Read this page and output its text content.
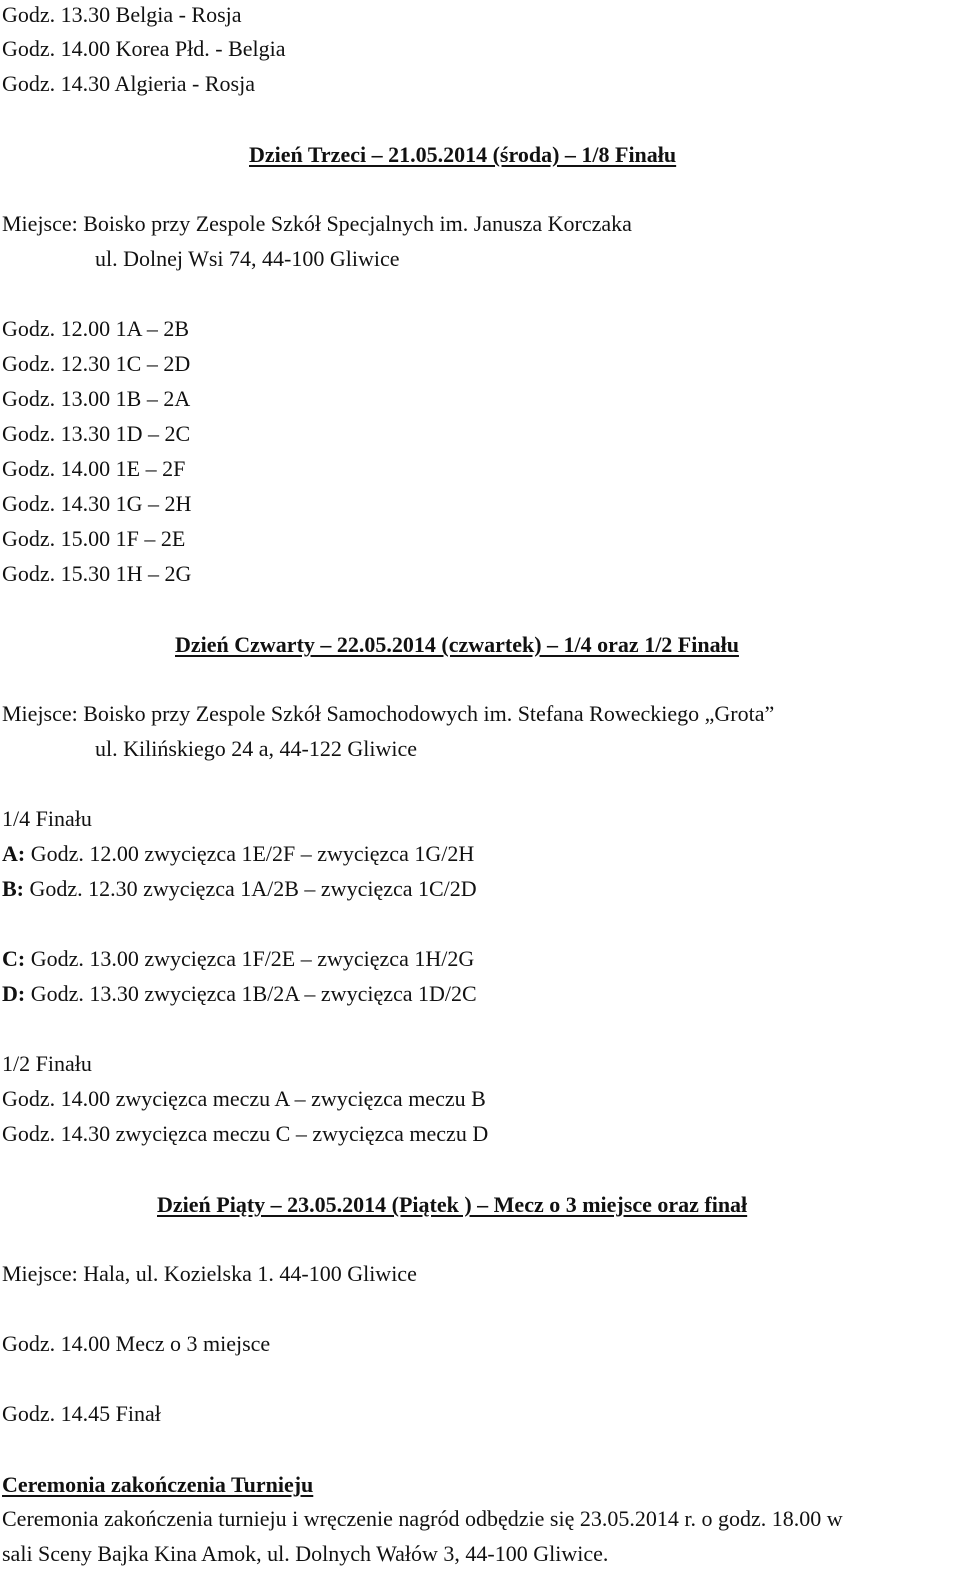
Godz. 13.30 Belgia - Rosja
Godz. 14.00 Korea Płd. - Belgia
Godz. 14.30 Algieria - Rosja
Dzień Trzeci – 21.05.2014 (środa) – 1/8 Finału
Miejsce: Boisko przy Zespole Szkół Specjalnych im. Janusza Korczaka
ul. Dolnej Wsi 74, 44-100 Gliwice
Godz. 12.00 1A – 2B
Godz. 12.30 1C – 2D
Godz. 13.00 1B – 2A
Godz. 13.30 1D – 2C
Godz. 14.00 1E – 2F
Godz. 14.30 1G – 2H
Godz. 15.00 1F – 2E
Godz. 15.30 1H – 2G
Dzień Czwarty – 22.05.2014 (czwartek) – 1/4 oraz 1/2 Finału
Miejsce: Boisko przy Zespole Szkół Samochodowych im. Stefana Roweckiego „Grota”
ul. Kilińskiego 24 a, 44-122 Gliwice
1/4 Finału
A: Godz. 12.00 zwycięzca 1E/2F – zwycięzca 1G/2H
B: Godz. 12.30 zwycięzca 1A/2B – zwycięzca 1C/2D
C: Godz. 13.00 zwycięzca 1F/2E – zwycięzca 1H/2G
D: Godz. 13.30 zwycięzca 1B/2A – zwycięzca 1D/2C
1/2 Finału
Godz. 14.00 zwycięzca meczu A – zwycięzca meczu B
Godz. 14.30 zwycięzca meczu C – zwycięzca meczu D
Dzień Piąty – 23.05.2014 (Piątek ) – Mecz o 3 miejsce oraz finał
Miejsce: Hala, ul. Kozielska 1. 44-100 Gliwice
Godz. 14.00 Mecz o 3 miejsce
Godz. 14.45 Finał
Ceremonia zakończenia Turnieju
Ceremonia zakończenia turnieju i wręczenie nagród odbędzie się 23.05.2014 r. o godz. 18.00 w
sali Sceny Bajka Kina Amok, ul. Dolnych Wałów 3, 44-100 Gliwice.
